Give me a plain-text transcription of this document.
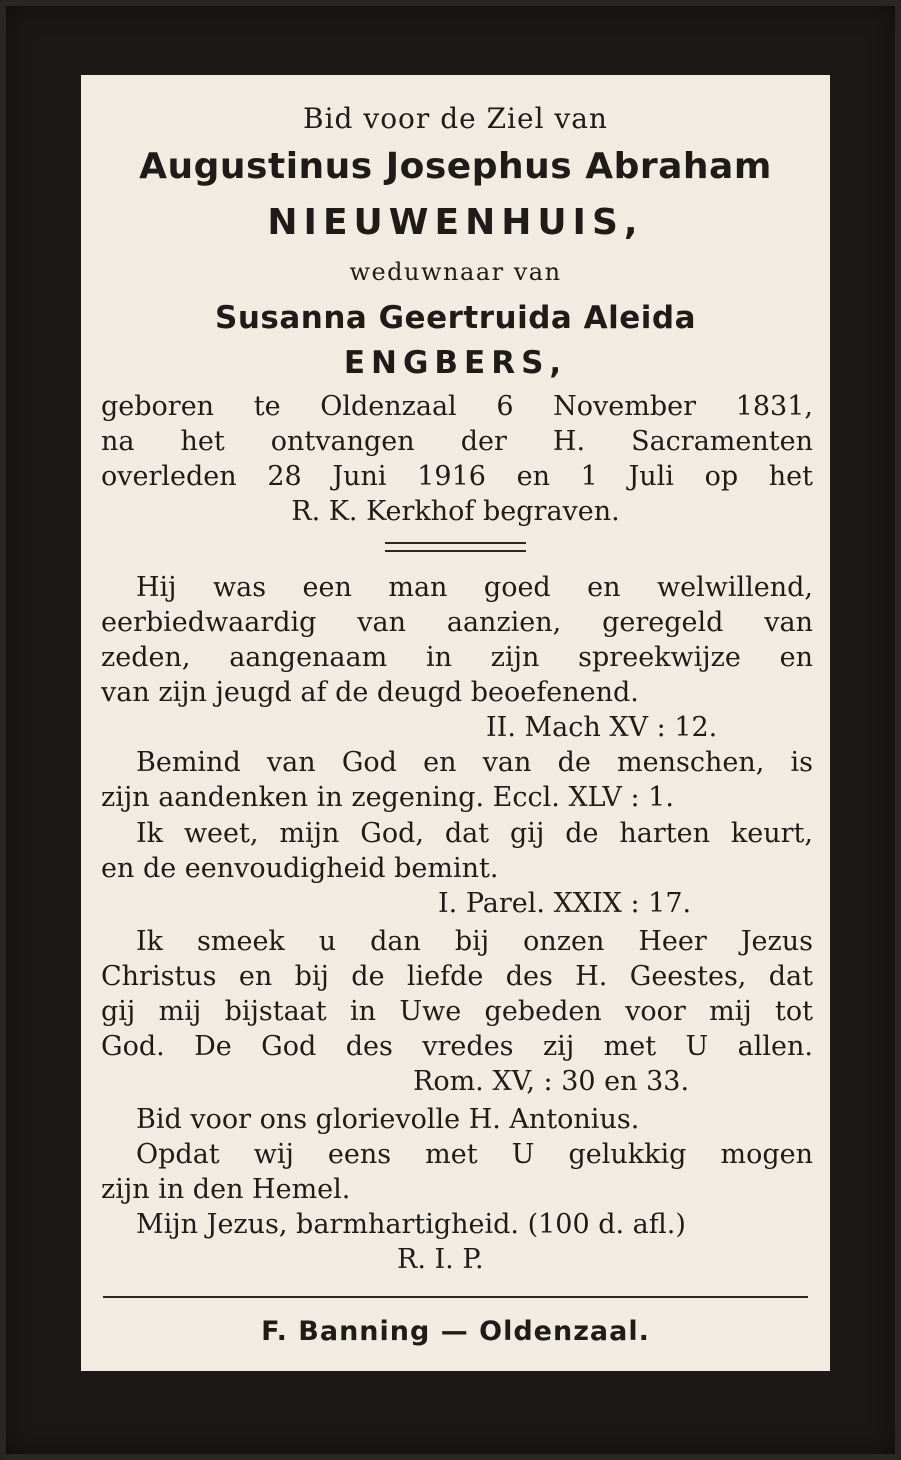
Bid voor de Ziel van
Augustinus Josephus Abraham
NIEUWENHUIS,
weduwnaar van
Susanna Geertruida Aleida
ENGBERS,
geboren te Oldenzaal 6 November 1831,
na het ontvangen der H. Sacramenten
overleden 28 Juni 1916 en 1 Juli op het
R. K. Kerkhof begraven.
Hij was een man goed en welwillend,
eerbiedwaardig van aanzien, geregeld van
zeden, aangenaam in zijn spreekwijze en
van zijn jeugd af de deugd beoefenend.
II. Mach XV : 12.
Bemind van God en van de menschen, is
zijn aandenken in zegening. Eccl. XLV : 1.
Ik weet, mijn God, dat gij de harten keurt,
en de eenvoudigheid bemint.
I. Parel. XXIX : 17.
Ik smeek u dan bij onzen Heer Jezus
Christus en bij de liefde des H. Geestes, dat
gij mij bijstaat in Uwe gebeden voor mij tot
God. De God des vredes zij met U allen.
Rom. XV, : 30 en 33.
Bid voor ons glorievolle H. Antonius.
Opdat wij eens met U gelukkig mogen
zijn in den Hemel.
Mijn Jezus, barmhartigheid. (100 d. afl.)
R. I. P.
F. Banning — Oldenzaal.
